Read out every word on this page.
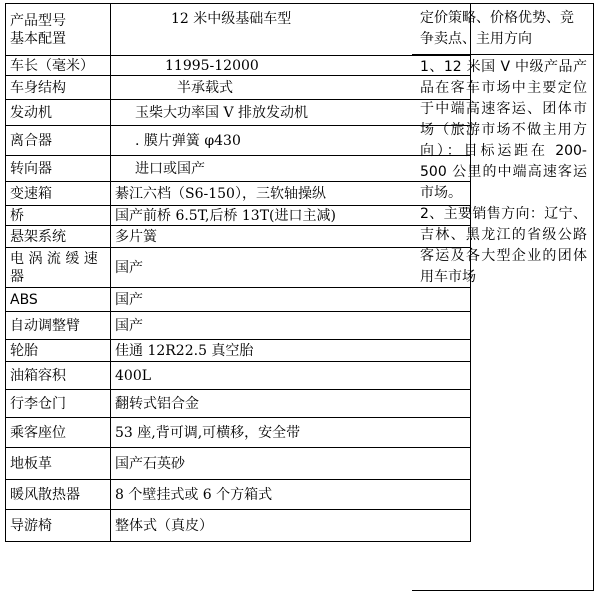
产品型号
基本配置	12 米中级基础车型
车长（毫米）	11995-12000
车身结构	半承载式
发动机	玉柴大功率国 V 排放发动机
离合器	. 膜片弹簧 φ430
转向器	进口或国产
变速箱	綦江六档（S6-150），三软轴操纵
桥	国产前桥 6.5T,后桥 13T(进口主减)
悬架系统	多片簧
电 涡 流 缓 速 器	国产
ABS	国产
自动调整臂	国产
轮胎	佳通 12R22.5 真空胎
油箱容积	400L
行李仓门	翻转式铝合金
乘客座位	53 座,背可调,可横移，安全带
地板革	国产石英砂
暖风散热器	8 个壁挂式或 6 个方箱式
导游椅	整体式（真皮）
定价策略、价格优势、竞争卖点、主用方向

1、12 米国 V 中级产品产品在客车市场中主要定位于中端高速客运、团体市场（旅游市场不做主用方向）：目标运距在 200-500 公里的中端高速客运市场。

2、主要销售方向：辽宁、吉林、黑龙江的省级公路客运及各大型企业的团体用车市场
